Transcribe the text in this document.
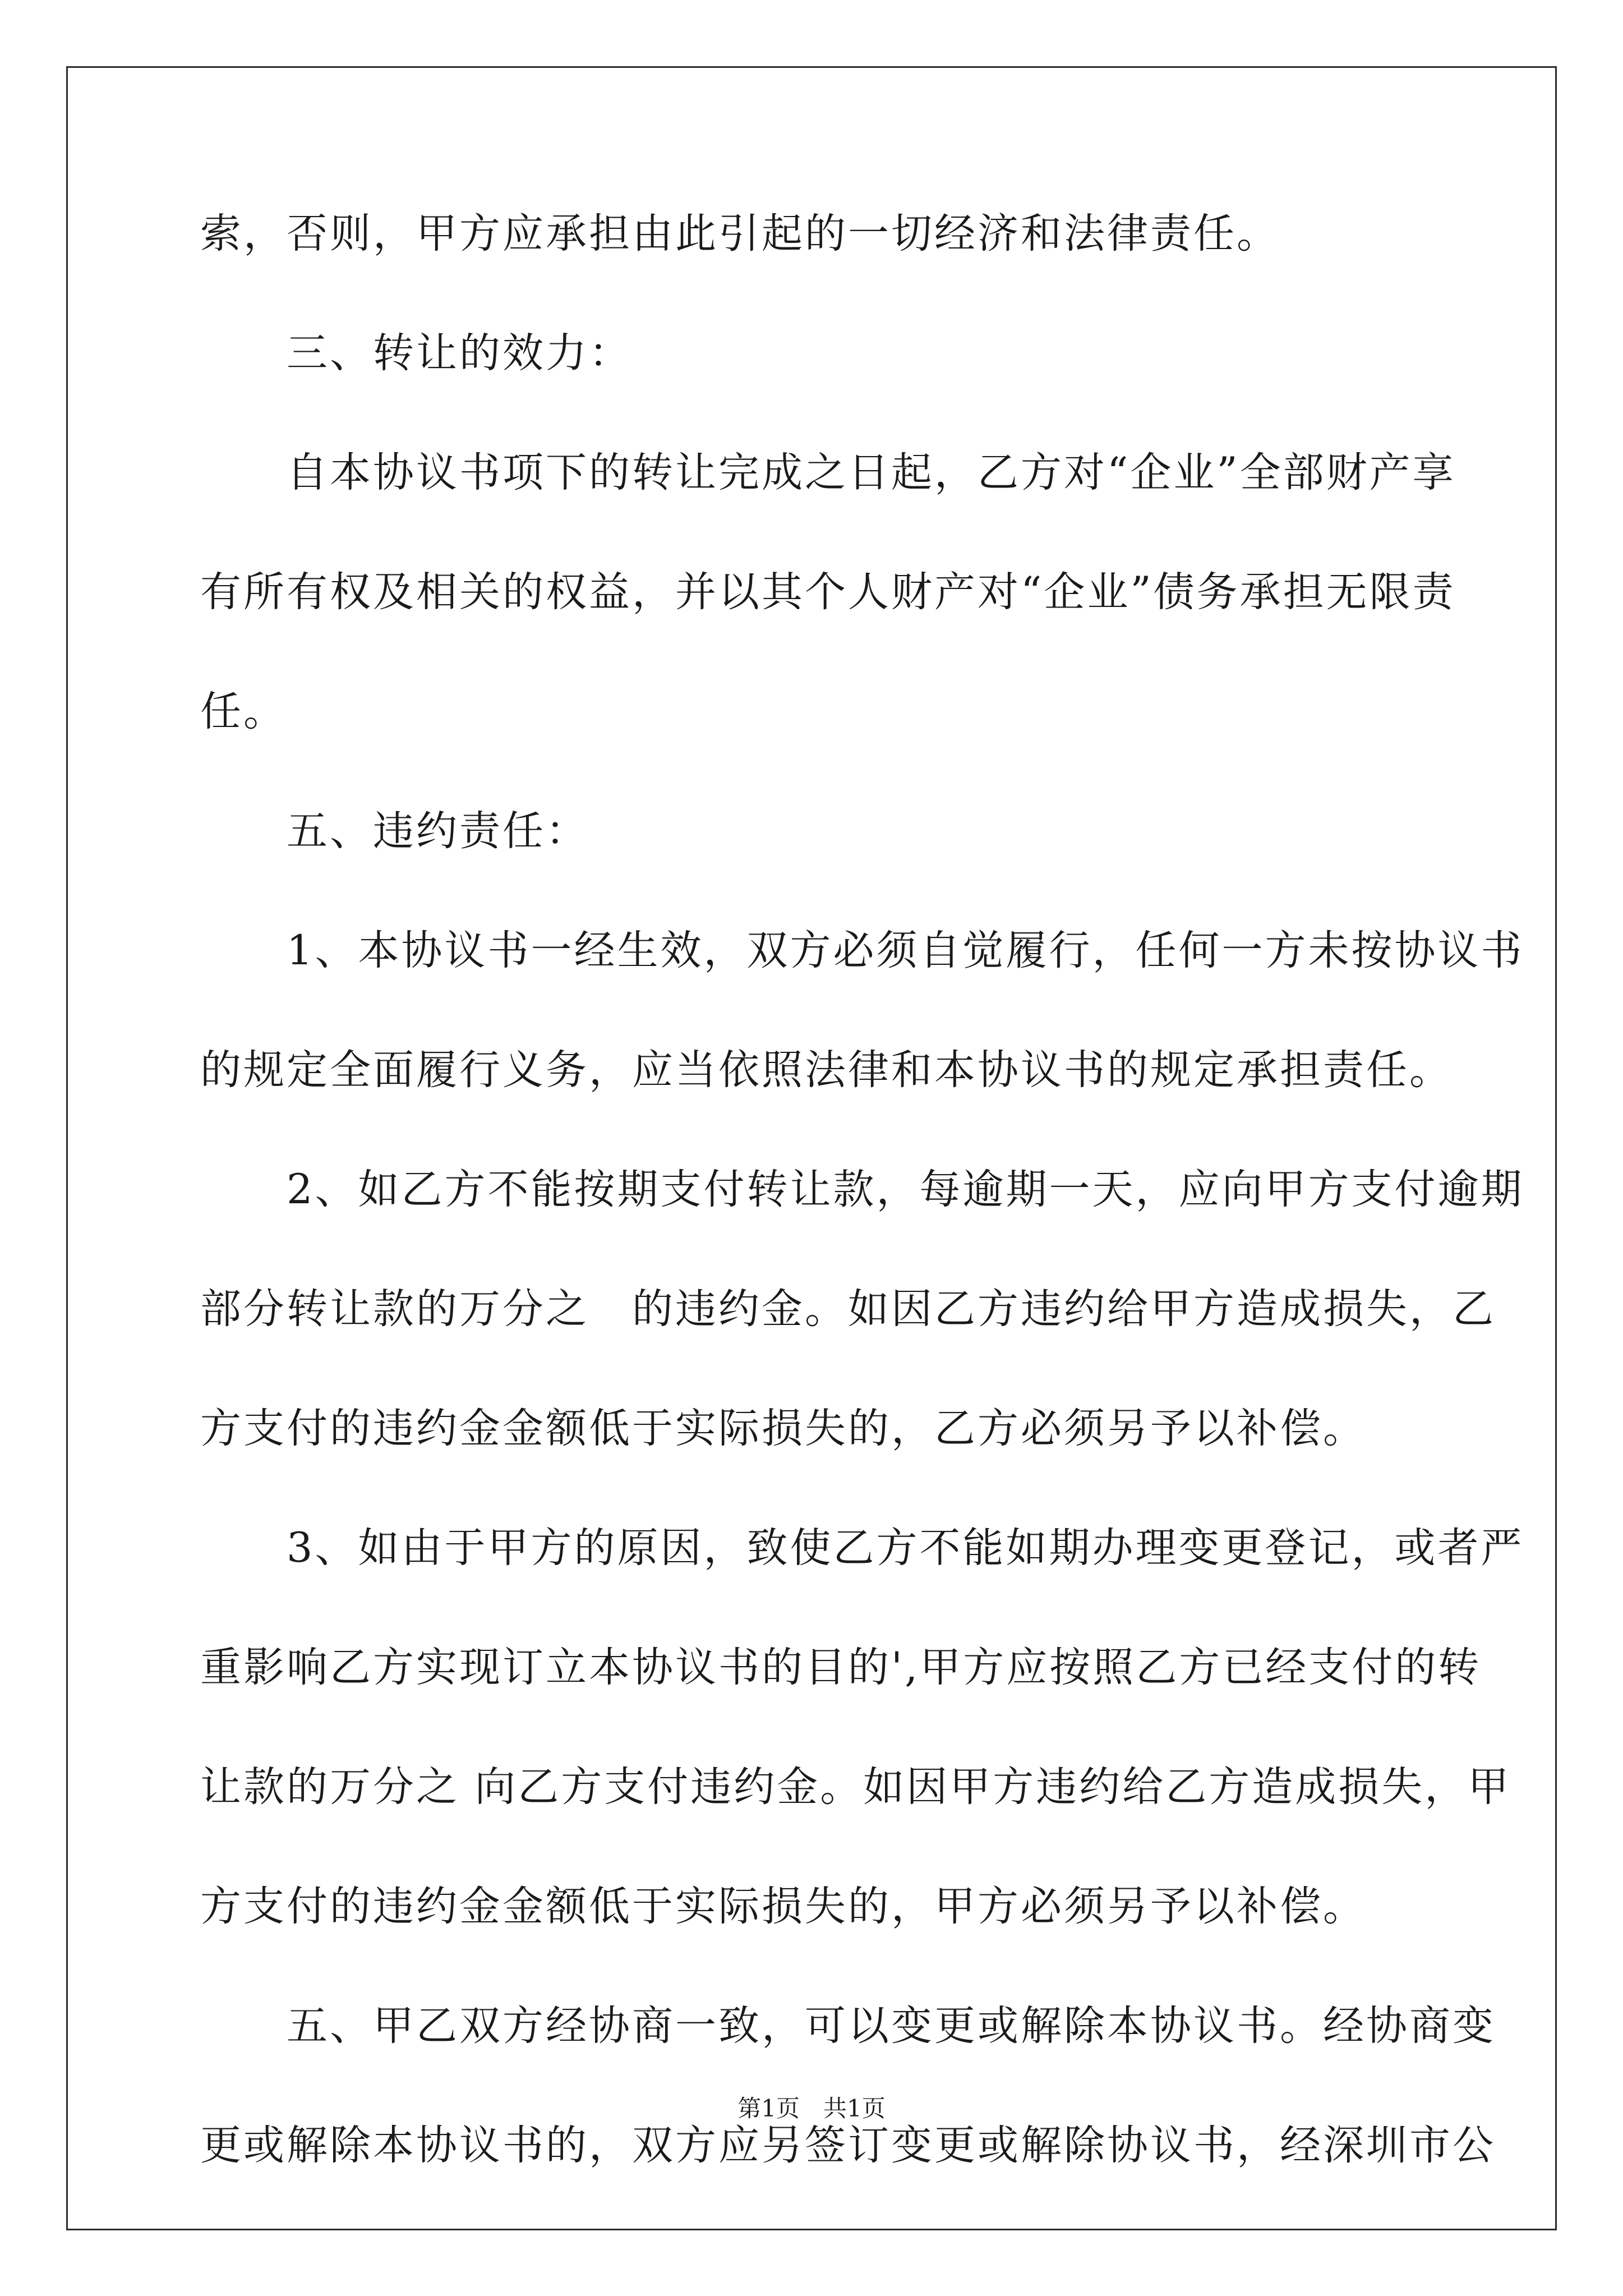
索，否则，甲方应承担由此引起的一切经济和法律责任。

　　三、转让的效力：

　　自本协议书项下的转让完成之日起，乙方对“企业”全部财产享

有所有权及相关的权益，并以其个人财产对“企业”债务承担无限责

任。

　　五、违约责任：

　　1、本协议书一经生效，双方必须自觉履行，任何一方未按协议书

的规定全面履行义务，应当依照法律和本协议书的规定承担责任。

　　2、如乙方不能按期支付转让款，每逾期一天，应向甲方支付逾期

部分转让款的万分之　的违约金。如因乙方违约给甲方造成损失，乙

方支付的违约金金额低于实际损失的，乙方必须另予以补偿。

　　3、如由于甲方的原因，致使乙方不能如期办理变更登记，或者严

重影响乙方实现订立本协议书的目的',甲方应按照乙方已经支付的转

让款的万分之 向乙方支付违约金。如因甲方违约给乙方造成损失，甲

方支付的违约金金额低于实际损失的，甲方必须另予以补偿。

　　五、甲乙双方经协商一致，可以变更或解除本协议书。经协商变

更或解除本协议书的，双方应另签订变更或解除协议书，经深圳市公

第1页　共1页
